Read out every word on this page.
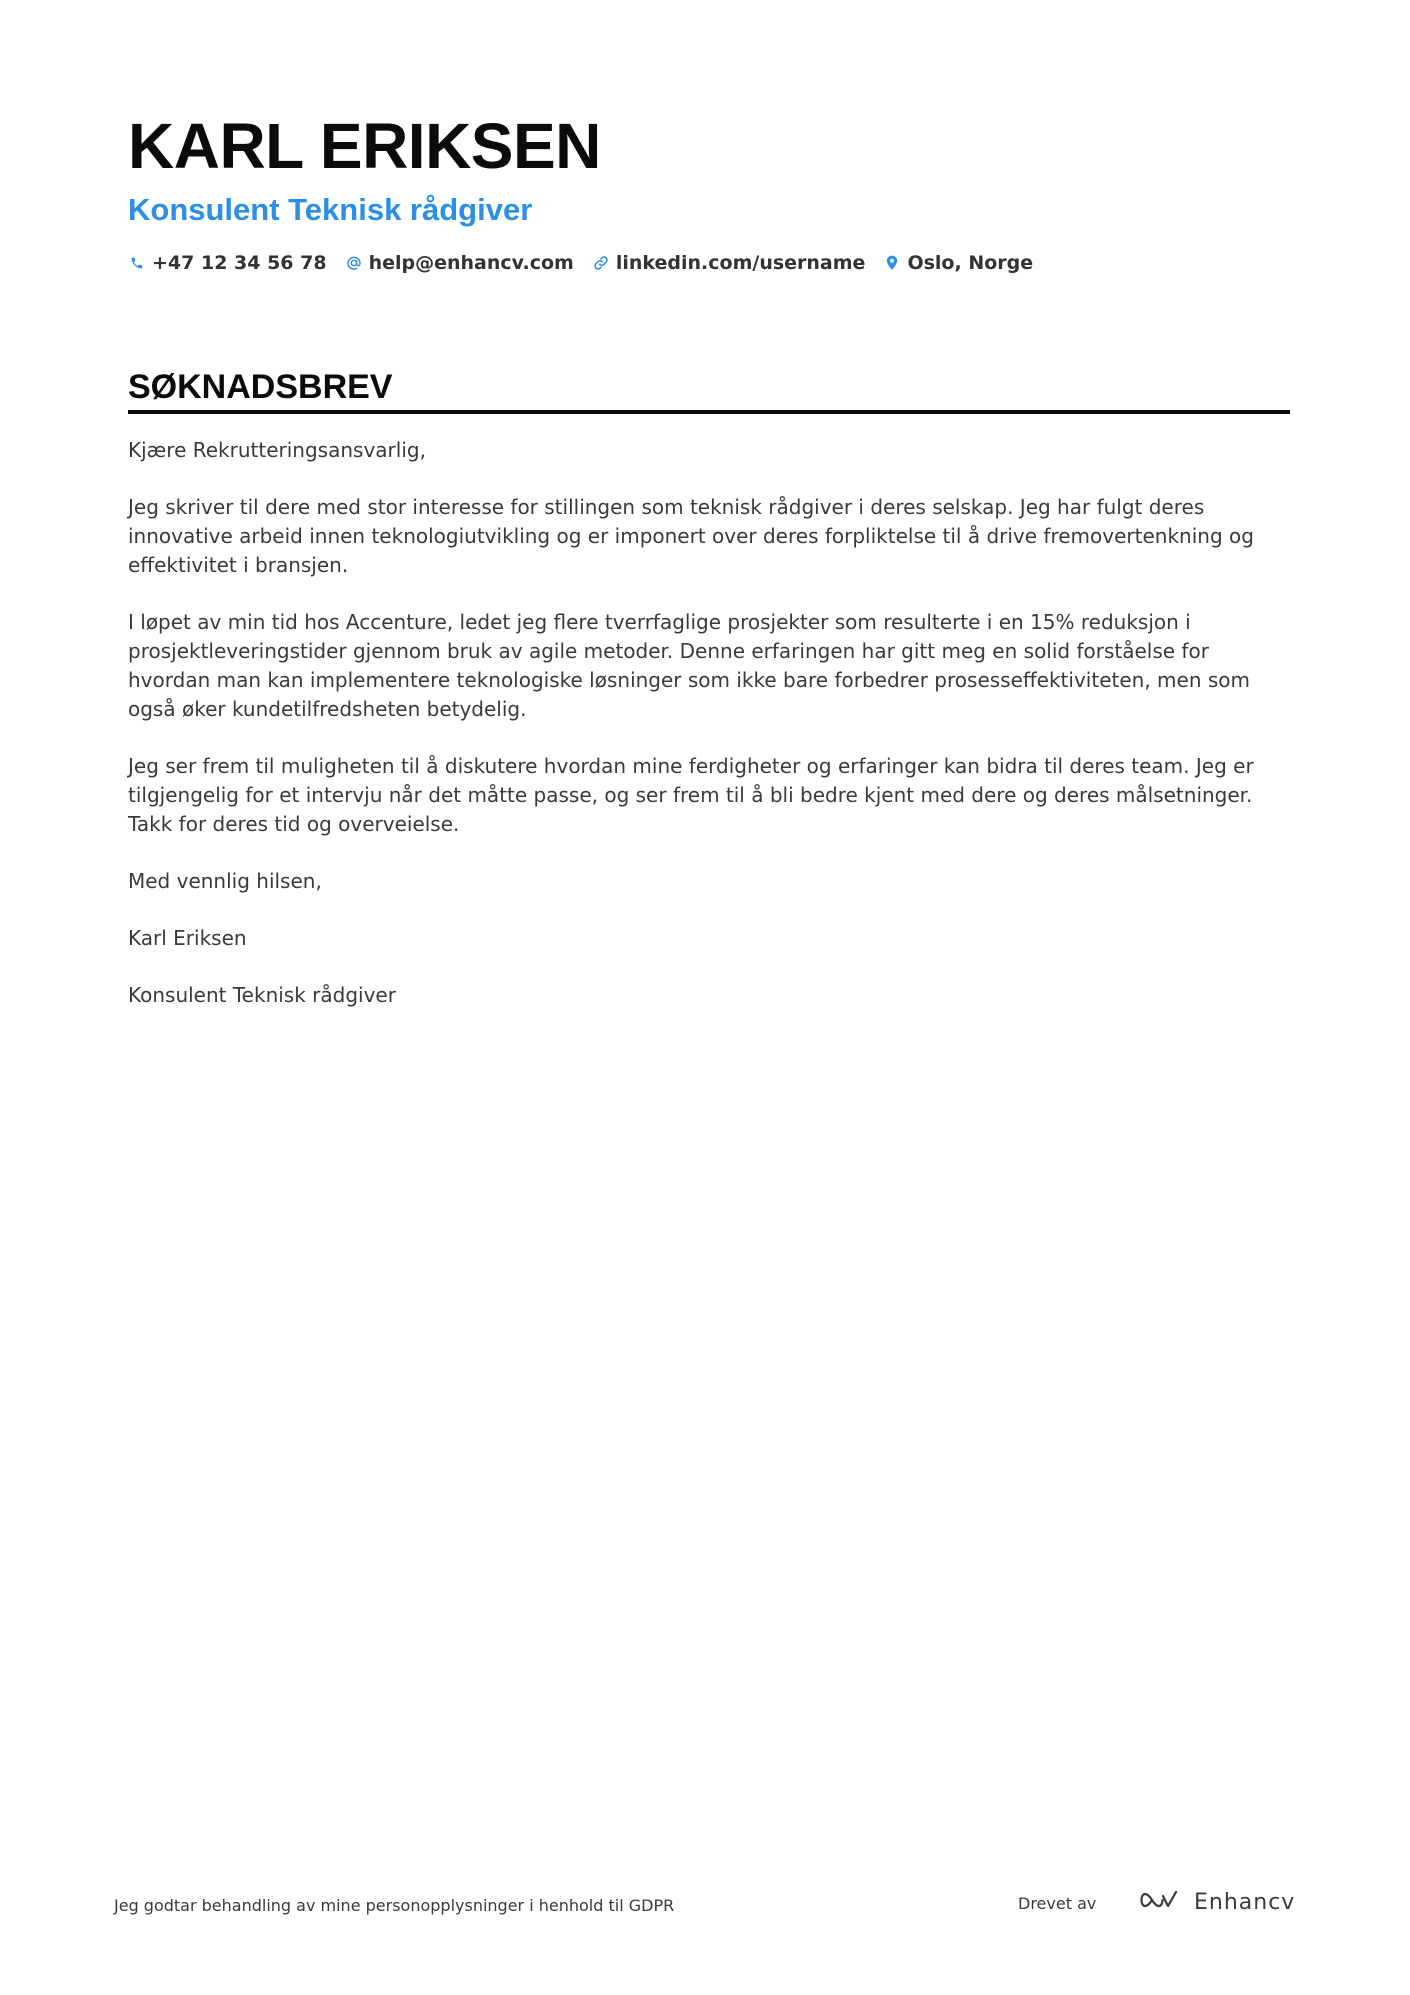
KARL ERIKSEN
Konsulent Teknisk rådgiver
+47 12 34 56 78 help@enhancv.com linkedin.com/username Oslo, Norge
SØKNADSBREV

Kjære Rekrutteringsansvarlig,

Jeg skriver til dere med stor interesse for stillingen som teknisk rådgiver i deres selskap. Jeg har fulgt deres innovative arbeid innen teknologiutvikling og er imponert over deres forpliktelse til å drive fremovertenkning og effektivitet i bransjen.

I løpet av min tid hos Accenture, ledet jeg flere tverrfaglige prosjekter som resulterte i en 15% reduksjon i prosjektleveringstider gjennom bruk av agile metoder. Denne erfaringen har gitt meg en solid forståelse for hvordan man kan implementere teknologiske løsninger som ikke bare forbedrer prosesseffektiviteten, men som også øker kundetilfredsheten betydelig.

Jeg ser frem til muligheten til å diskutere hvordan mine ferdigheter og erfaringer kan bidra til deres team. Jeg er tilgjengelig for et intervju når det måtte passe, og ser frem til å bli bedre kjent med dere og deres målsetninger. Takk for deres tid og overveielse.

Med vennlig hilsen,

Karl Eriksen

Konsulent Teknisk rådgiver

Jeg godtar behandling av mine personopplysninger i henhold til GDPR	Drevet av	Enhancv
